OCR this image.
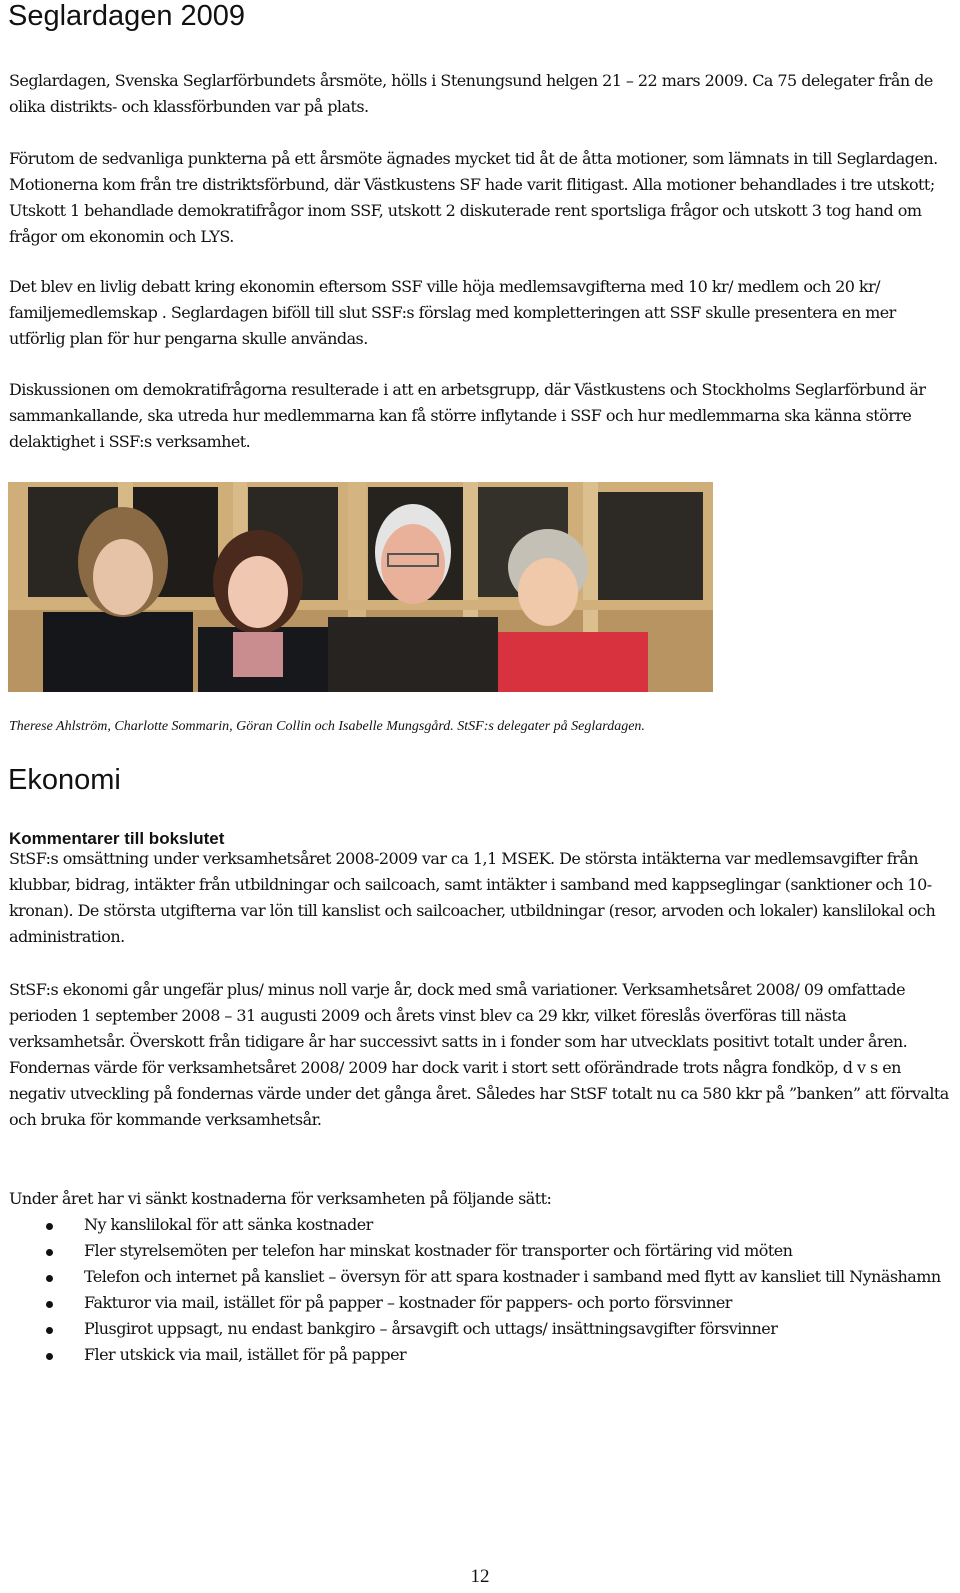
Seglardagen 2009

Seglardagen, Svenska Seglarförbundets årsmöte, hölls i Stenungsund helgen 21 – 22 mars 2009. Ca 75 delegater från de olika distrikts- och klassförbunden var på plats.

Förutom de sedvanliga punkterna på ett årsmöte ägnades mycket tid åt de åtta motioner, som lämnats in till Seglardagen. Motionerna kom från tre distriktsförbund, där Västkustens SF hade varit flitigast. Alla motioner behandlades i tre utskott; Utskott 1 behandlade demokratifrågor inom SSF, utskott 2 diskuterade rent sportsliga frågor och utskott 3 tog hand om frågor om ekonomin och LYS.

Det blev en livlig debatt kring ekonomin eftersom SSF ville höja medlemsavgifterna med 10 kr/ medlem och 20 kr/ familjemedlemskap . Seglardagen biföll till slut SSF:s förslag med kompletteringen att SSF skulle presentera en mer utförlig plan för hur pengarna skulle användas.

Diskussionen om demokratifrågorna resulterade i att en arbetsgrupp, där Västkustens och Stockholms Seglarförbund är sammankallande, ska utreda hur medlemmarna kan få större inflytande i SSF och hur medlemmarna ska känna större delaktighet i SSF:s verksamhet.

Therese Ahlström, Charlotte Sommarin, Göran Collin och Isabelle Mungsgård. StSF:s delegater på Seglardagen.

Ekonomi
Kommentarer till bokslutet

StSF:s omsättning under verksamhetsåret 2008-2009 var ca 1,1 MSEK. De största intäkterna var medlemsavgifter från klubbar, bidrag, intäkter från utbildningar och sailcoach, samt intäkter i samband med kappseglingar (sanktioner och 10-kronan). De största utgifterna var lön till kanslist och sailcoacher, utbildningar (resor, arvoden och lokaler) kanslilokal och administration.

StSF:s ekonomi går ungefär plus/ minus noll varje år, dock med små variationer. Verksamhetsåret 2008/ 09 omfattade perioden 1 september 2008 – 31 augusti 2009 och årets vinst blev ca 29 kkr, vilket föreslås överföras till nästa verksamhetsår. Överskott från tidigare år har successivt satts in i fonder som har utvecklats positivt totalt under åren. Fondernas värde för verksamhetsåret 2008/ 2009 har dock varit i stort sett oförändrade trots några fondköp, d v s en negativ utveckling på fondernas värde under det gånga året. Således har StSF totalt nu ca 580 kkr på ”banken” att förvalta och bruka för kommande verksamhetsår.

Under året har vi sänkt kostnaderna för verksamheten på följande sätt:

Ny kanslilokal för att sänka kostnader
Fler styrelsemöten per telefon har minskat kostnader för transporter och förtäring vid möten
Telefon och internet på kansliet – översyn för att spara kostnader i samband med flytt av kansliet till Nynäshamn
Fakturor via mail, istället för på papper – kostnader för pappers- och porto försvinner
Plusgirot uppsagt, nu endast bankgiro – årsavgift och uttags/ insättningsavgifter försvinner
Fler utskick via mail, istället för på papper

12
